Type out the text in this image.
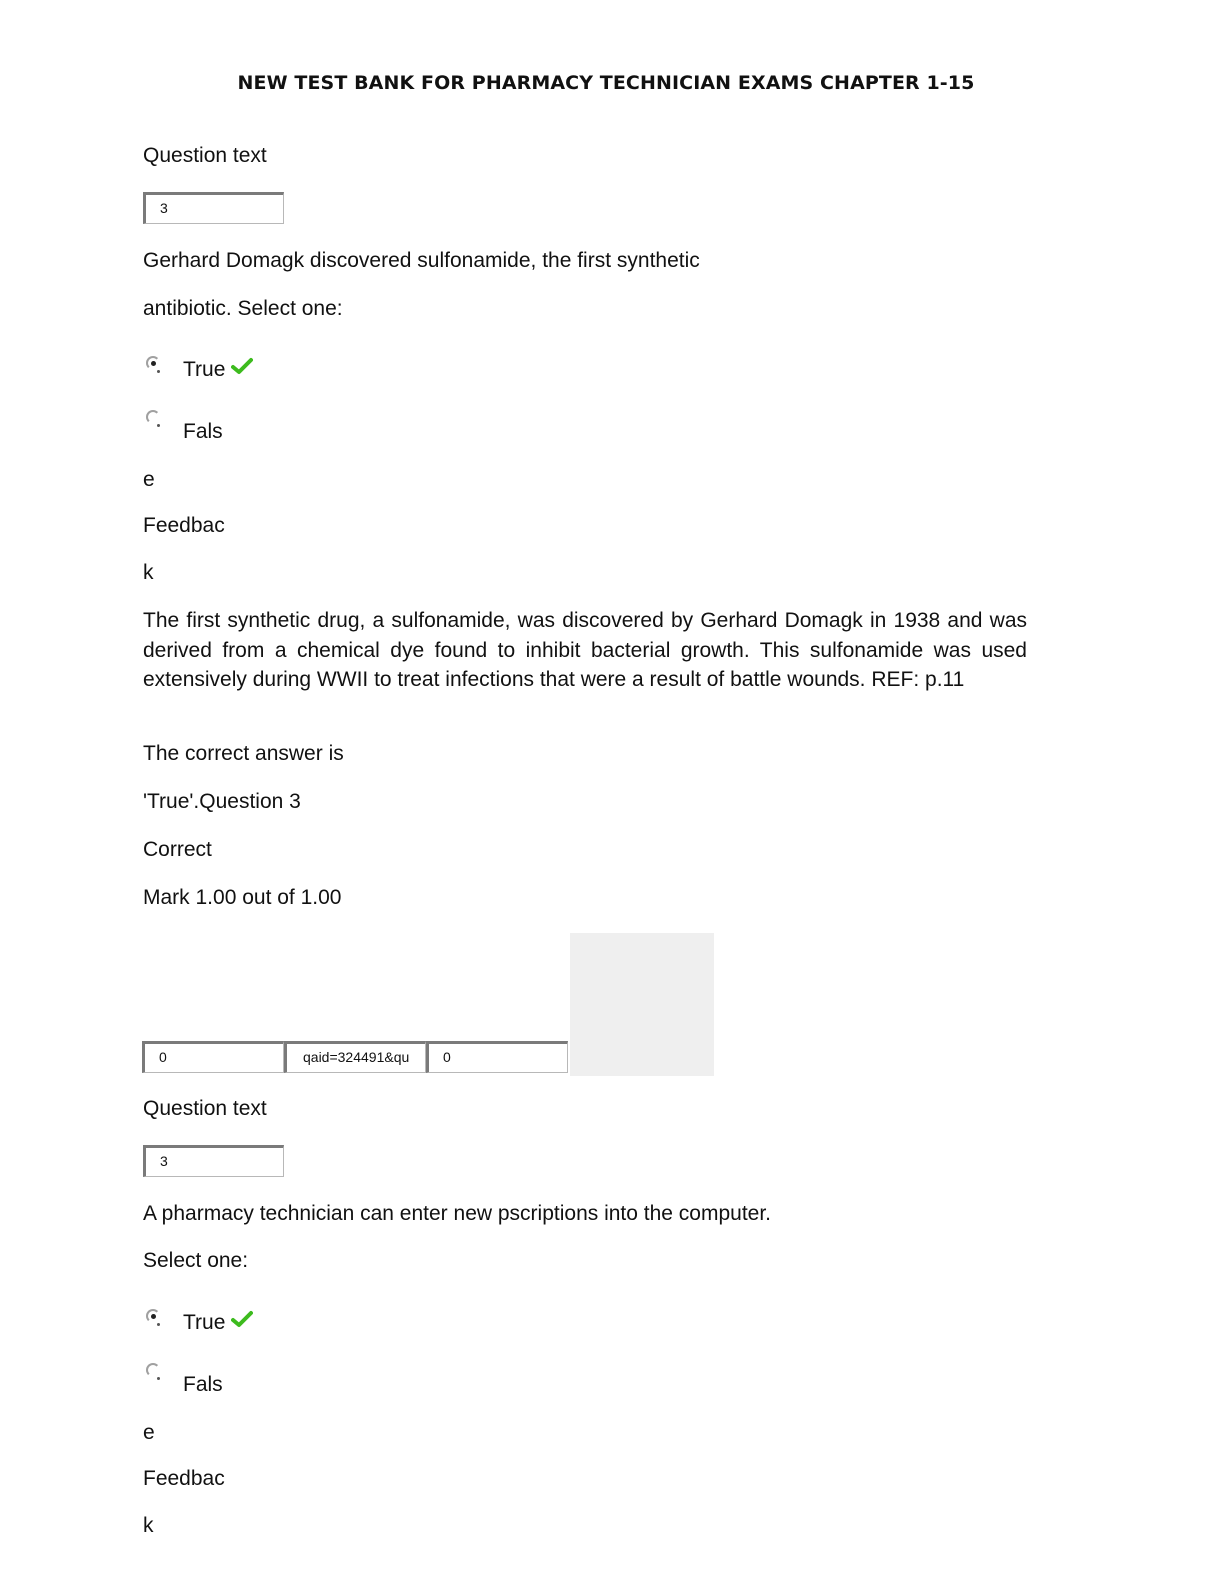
NEW TEST BANK FOR PHARMACY TECHNICIAN EXAMS CHAPTER 1-15
Question text
3
Gerhard Domagk discovered sulfonamide, the first synthetic
antibiotic. Select one:
True
Fals
e
Feedbac
k
The first synthetic drug, a sulfonamide, was discovered by Gerhard Domagk in 1938 and was derived from a chemical dye found to inhibit bacterial growth. This sulfonamide was used extensively during WWII to treat infections that were a result of battle wounds. REF: p.11
The correct answer is
'True'.Question 3
Correct
Mark 1.00 out of 1.00
0	qaid=324491&qu	0
Question text
3
A pharmacy technician can enter new pscriptions into the computer.
Select one:
True
Fals
e
Feedbac
k
